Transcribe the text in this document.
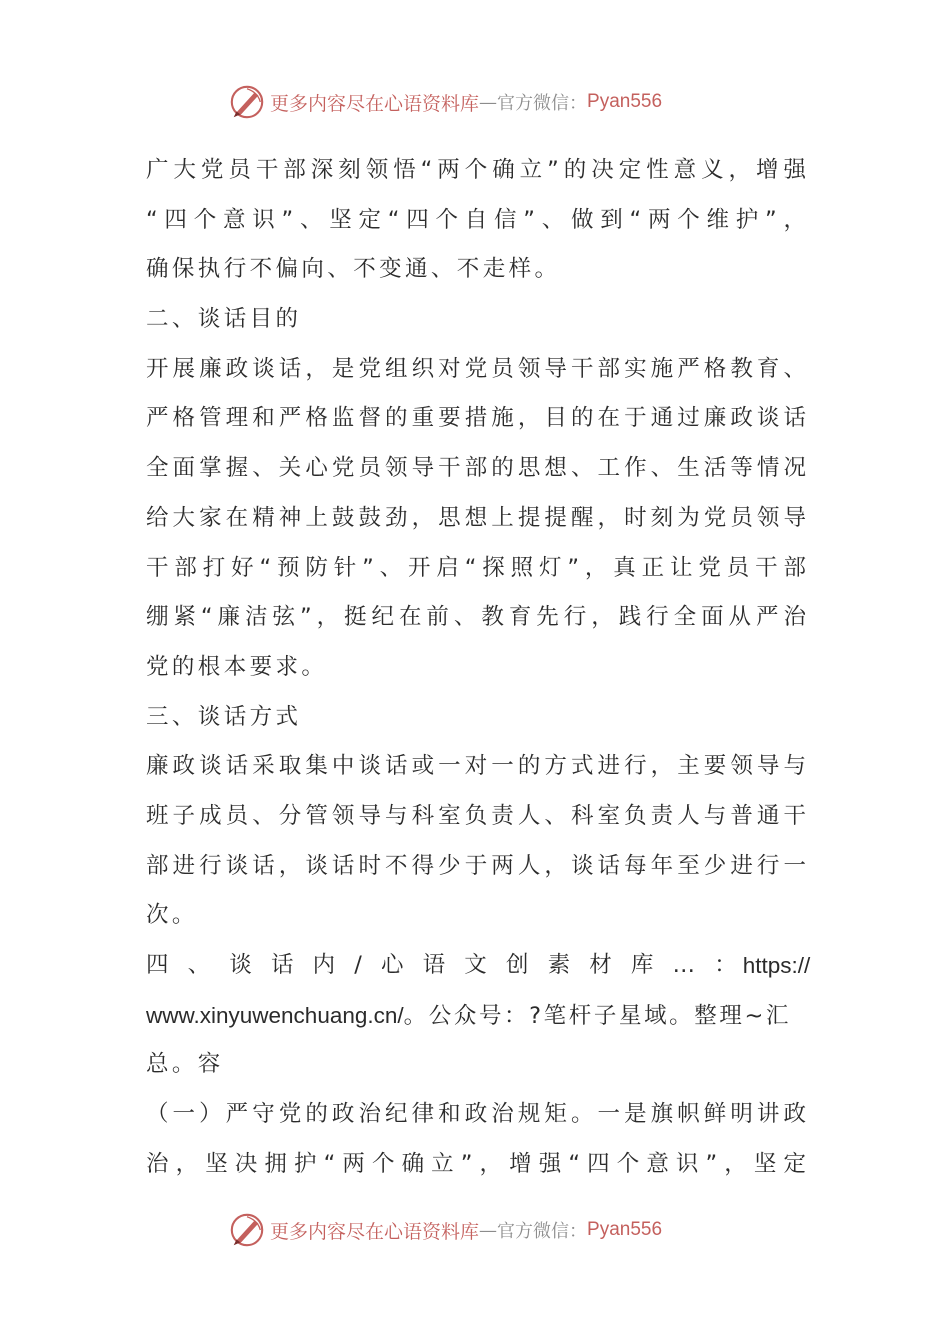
更多内容尽在心语资料库 — 官方微信： Pyan556
广大党员干部深刻领悟“两个确立”的决定性意义，增强
“四个意识”、坚定“四个自信”、做到“两个维护”，
确保执行不偏向、不变通、不走样。
二、谈话目的
开展廉政谈话，是党组织对党员领导干部实施严格教育、
严格管理和严格监督的重要措施，目的在于通过廉政谈话
全面掌握、关心党员领导干部的思想、工作、生活等情况
给大家在精神上鼓鼓劲，思想上提提醒，时刻为党员领导
干部打好“预防针”、开启“探照灯”，真正让党员干部
绷紧“廉洁弦”，挺纪在前、教育先行，践行全面从严治
党的根本要求。
三、谈话方式
廉政谈话采取集中谈话或一对一的方式进行，主要领导与
班子成员、分管领导与科室负责人、科室负责人与普通干
部进行谈话，谈话时不得少于两人，谈话每年至少进行一
次。
四 、 谈 话 内 / 心 语 文 创 素 材 库 … ： https://
www.xinyuwenchuang.cn/。公众号：?笔杆子星域。整理~汇
总。容
（一）严守党的政治纪律和政治规矩。一是旗帜鲜明讲政
治，坚决拥护“两个确立”，增强“四个意识”，坚定
更多内容尽在心语资料库 — 官方微信： Pyan556
